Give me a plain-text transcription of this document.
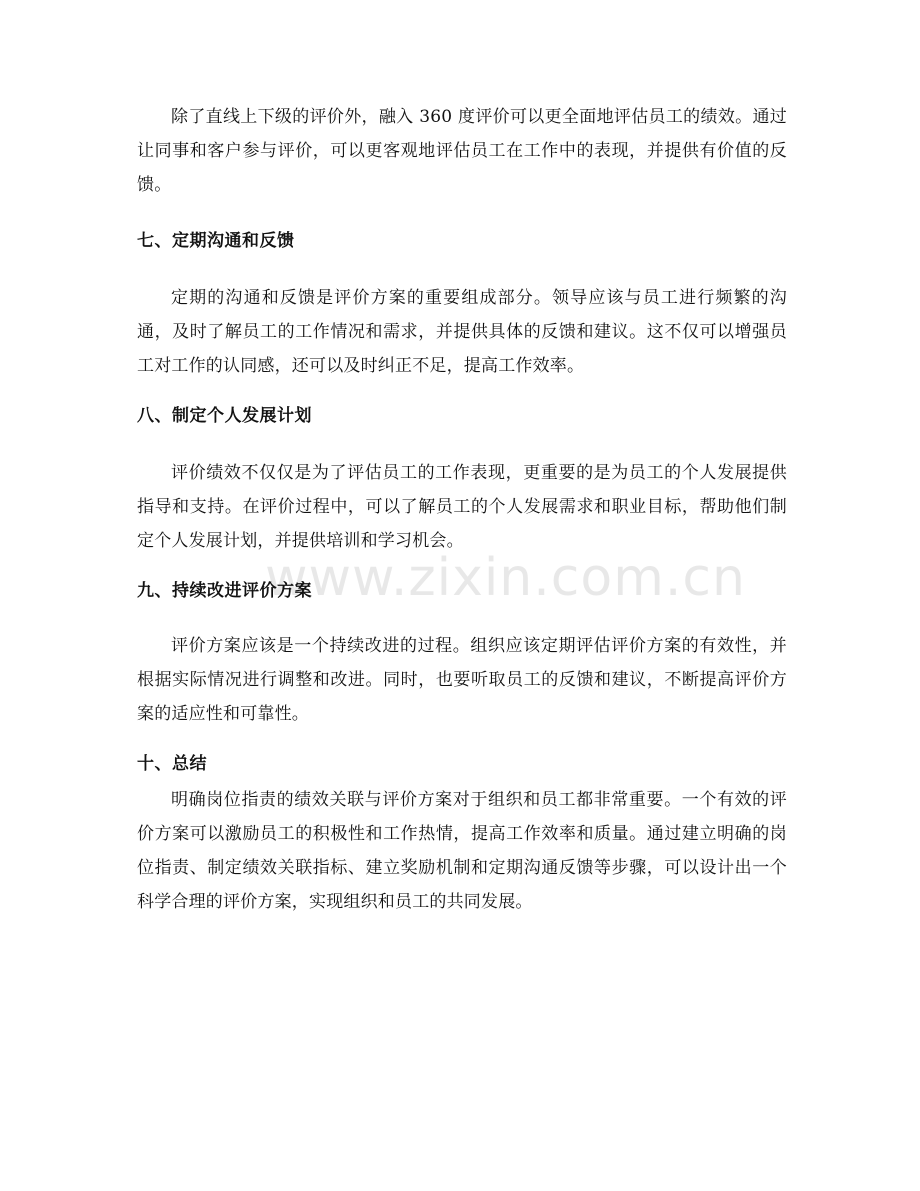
www.zixin.com.cn

除了直线上下级的评价外，融入 360 度评价可以更全面地评估员工的绩效。通过让同事和客户参与评价，可以更客观地评估员工在工作中的表现，并提供有价值的反馈。

七、定期沟通和反馈

定期的沟通和反馈是评价方案的重要组成部分。领导应该与员工进行频繁的沟通，及时了解员工的工作情况和需求，并提供具体的反馈和建议。这不仅可以增强员工对工作的认同感，还可以及时纠正不足，提高工作效率。

八、制定个人发展计划

评价绩效不仅仅是为了评估员工的工作表现，更重要的是为员工的个人发展提供指导和支持。在评价过程中，可以了解员工的个人发展需求和职业目标，帮助他们制定个人发展计划，并提供培训和学习机会。

九、持续改进评价方案

评价方案应该是一个持续改进的过程。组织应该定期评估评价方案的有效性，并根据实际情况进行调整和改进。同时，也要听取员工的反馈和建议，不断提高评价方案的适应性和可靠性。

十、总结

明确岗位指责的绩效关联与评价方案对于组织和员工都非常重要。一个有效的评价方案可以激励员工的积极性和工作热情，提高工作效率和质量。通过建立明确的岗位指责、制定绩效关联指标、建立奖励机制和定期沟通反馈等步骤，可以设计出一个科学合理的评价方案，实现组织和员工的共同发展。
